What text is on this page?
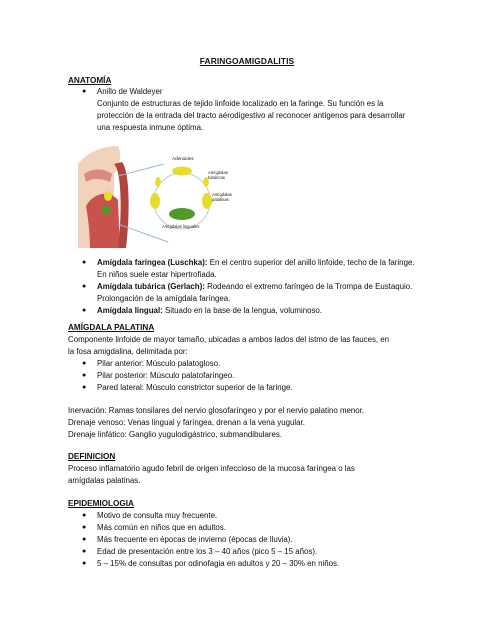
FARINGOAMIGDALITIS
ANATOMÍA
● Anillo de Waldeyer
Conjunto de estructuras de tejido linfoide localizado en la faringe. Su función es la
protección de la entrada del tracto aérodigestivo al reconocer antígenos para desarrollar
una respuesta inmune óptima.
Adenoides
Amígdalas
tubáricas
Amígdalas
palatinas
Amígdalas linguales
● Amígdala faríngea (Luschka): En el centro superior del anillo linfoide, techo de la faringe.
En niños suele estar hipertrofiada.
● Amígdala tubárica (Gerlach): Rodeando el extremo faríngeo de la Trompa de Eustaquio.
Prolongación de la amígdala faríngea.
● Amígdala lingual: Situado en la base de la lengua, voluminoso.
AMÍGDALA PALATINA
Componente linfoide de mayor tamaño, ubicadas a ambos lados del istmo de las fauces, en
la fosa amigdalina, delimitada por:
● Pilar anterior: Músculo palatogloso.
● Pilar posterior: Músculo palatofaríngeo.
● Pared lateral: Músculo constrictor superior de la faringe.
Inervación: Ramas tonsilares del nervio glosofaríngeo y por el nervio palatino menor.
Drenaje venoso: Venas lingual y faríngea, drenan a la vena yugular.
Drenaje linfático: Ganglio yugulodigástrico, submandibulares.
DEFINICION
Proceso inflamatorio agudo febril de origen infeccioso de la mucosa faríngea o las
amígdalas palatinas.
EPIDEMIOLOGIA
● Motivo de consulta muy frecuente.
● Más común en niños que en adultos.
● Más frecuente en épocas de invierno (épocas de lluvia).
● Edad de presentación entre los 3 – 40 años (pico 5 – 15 años).
● 5 – 15% de consultas por odinofagia en adultos y 20 – 30% en niños.
